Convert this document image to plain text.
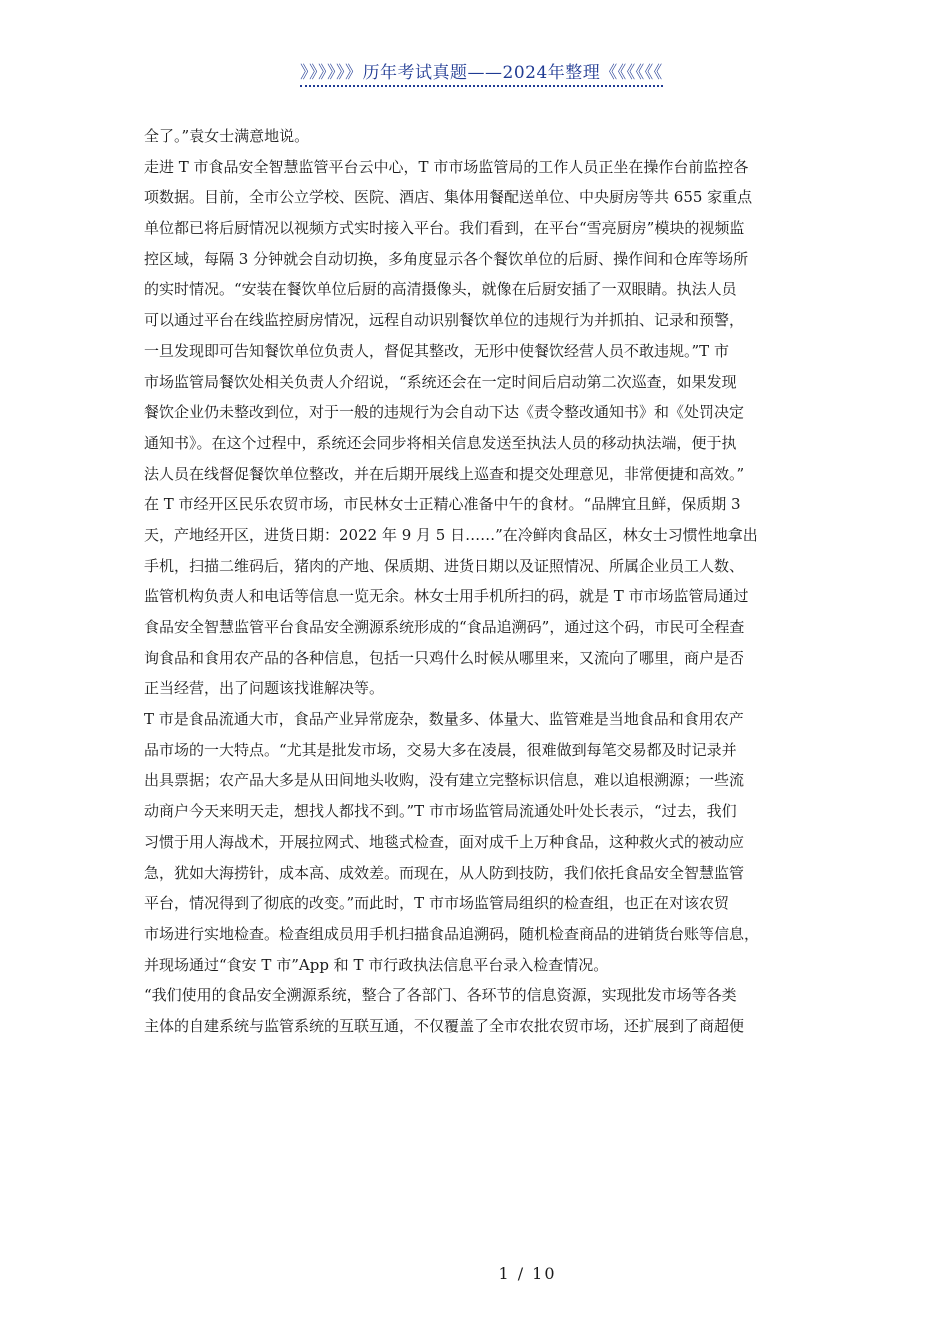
》》》》》》历年考试真题——2024年整理《《《《《《
全了。”袁女士满意地说。
走进 T 市食品安全智慧监管平台云中心，T 市市场监管局的工作人员正坐在操作台前监控各
项数据。目前，全市公立学校、医院、酒店、集体用餐配送单位、中央厨房等共 655 家重点
单位都已将后厨情况以视频方式实时接入平台。我们看到，在平台“雪亮厨房”模块的视频监
控区域，每隔 3 分钟就会自动切换，多角度显示各个餐饮单位的后厨、操作间和仓库等场所
的实时情况。“安装在餐饮单位后厨的高清摄像头，就像在后厨安插了一双眼睛。执法人员
可以通过平台在线监控厨房情况，远程自动识别餐饮单位的违规行为并抓拍、记录和预警，
一旦发现即可告知餐饮单位负责人，督促其整改，无形中使餐饮经营人员不敢违规。”T 市
市场监管局餐饮处相关负责人介绍说，“系统还会在一定时间后启动第二次巡查，如果发现
餐饮企业仍未整改到位，对于一般的违规行为会自动下达《责令整改通知书》和《处罚决定
通知书》。在这个过程中，系统还会同步将相关信息发送至执法人员的移动执法端，便于执
法人员在线督促餐饮单位整改，并在后期开展线上巡查和提交处理意见，非常便捷和高效。”
在 T 市经开区民乐农贸市场，市民林女士正精心准备中午的食材。“品牌宜且鲜，保质期 3
天，产地经开区，进货日期：2022 年 9 月 5 日……”在冷鲜肉食品区，林女士习惯性地拿出
手机，扫描二维码后，猪肉的产地、保质期、进货日期以及证照情况、所属企业员工人数、
监管机构负责人和电话等信息一览无余。林女士用手机所扫的码，就是 T 市市场监管局通过
食品安全智慧监管平台食品安全溯源系统形成的“食品追溯码”，通过这个码，市民可全程查
询食品和食用农产品的各种信息，包括一只鸡什么时候从哪里来，又流向了哪里，商户是否
正当经营，出了问题该找谁解决等。
T 市是食品流通大市，食品产业异常庞杂，数量多、体量大、监管难是当地食品和食用农产
品市场的一大特点。“尤其是批发市场，交易大多在凌晨，很难做到每笔交易都及时记录并
出具票据；农产品大多是从田间地头收购，没有建立完整标识信息，难以追根溯源；一些流
动商户今天来明天走，想找人都找不到。”T 市市场监管局流通处叶处长表示，“过去，我们
习惯于用人海战术，开展拉网式、地毯式检查，面对成千上万种食品，这种救火式的被动应
急，犹如大海捞针，成本高、成效差。而现在，从人防到技防，我们依托食品安全智慧监管
平台，情况得到了彻底的改变。”而此时，T 市市场监管局组织的检查组，也正在对该农贸
市场进行实地检查。检查组成员用手机扫描食品追溯码，随机检查商品的进销货台账等信息，
并现场通过“食安 T 市”App 和 T 市行政执法信息平台录入检查情况。
“我们使用的食品安全溯源系统，整合了各部门、各环节的信息资源，实现批发市场等各类
主体的自建系统与监管系统的互联互通，不仅覆盖了全市农批农贸市场，还扩展到了商超便
1 / 10
